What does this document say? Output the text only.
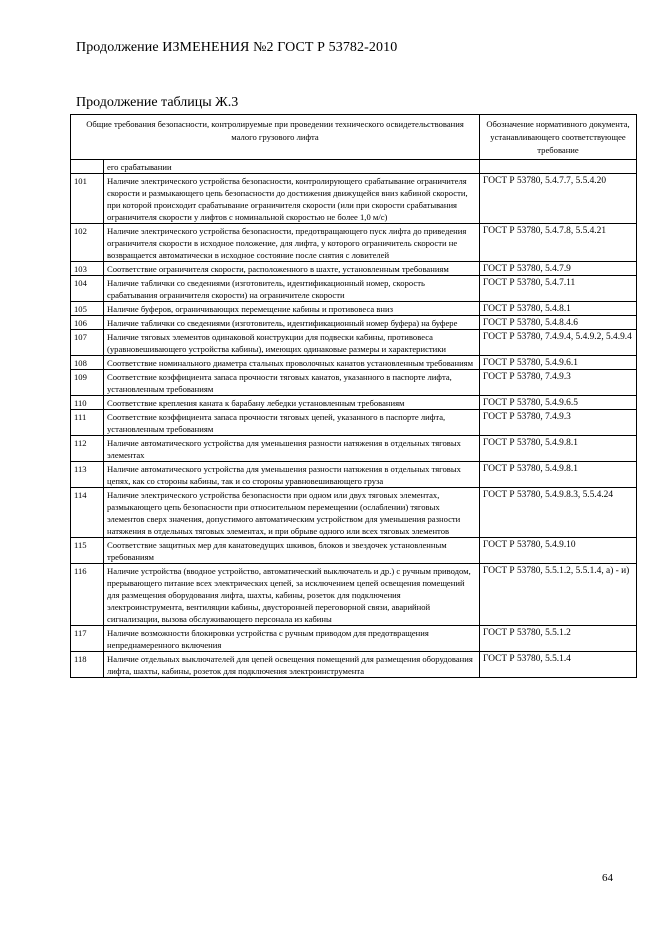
Продолжение ИЗМЕНЕНИЯ №2 ГОСТ Р 53782-2010
Продолжение таблицы Ж.3
Общие требования безопасности, контролируемые при проведении технического освидетельствования малого грузового лифта		Обозначение нормативного документа, устанавливающего соответствующее требование
	его срабатывании	
101	Наличие электрического устройства безопасности, контролирующего срабатывание ограничителя скорости и размыкающего цепь безопасности до достижения движущейся вниз кабиной скорости, при которой происходит срабатывание ограничителя скорости (или при скорости срабатывания ограничителя скорости у лифтов с номинальной скоростью не более 1,0 м/с)	ГОСТ Р 53780, 5.4.7.7, 5.5.4.20
102	Наличие электрического устройства безопасности, предотвращающего пуск лифта до приведения ограничителя скорости в исходное положение, для лифта, у которого ограничитель скорости не возвращается автоматически в исходное состояние после снятия с ловителей	ГОСТ Р 53780, 5.4.7.8, 5.5.4.21
103	Соответствие ограничителя скорости, расположенного в шахте, установленным требованиям	ГОСТ Р 53780, 5.4.7.9
104	Наличие таблички со сведениями (изготовитель, идентификационный номер, скорость срабатывания ограничителя скорости) на ограничителе скорости	ГОСТ Р 53780, 5.4.7.11
105	Наличие буферов, ограничивающих перемещение кабины и противовеса вниз	ГОСТ Р 53780, 5.4.8.1
106	Наличие таблички со сведениями (изготовитель, идентификационный номер буфера) на буфере	ГОСТ Р 53780, 5.4.8.4.6
107	Наличие тяговых элементов одинаковой конструкции для подвески кабины, противовеса (уравновешивающего устройства кабины), имеющих одинаковые размеры и характеристики	ГОСТ Р 53780, 7.4.9.4, 5.4.9.2, 5.4.9.4
108	Соответствие номинального диаметра стальных проволочных канатов установленным требованиям	ГОСТ Р 53780, 5.4.9.6.1
109	Соответствие коэффициента запаса прочности тяговых канатов, указанного в паспорте лифта, установленным требованиям	ГОСТ Р 53780, 7.4.9.3
110	Соответствие крепления каната к барабану лебедки установленным требованиям	ГОСТ Р 53780, 5.4.9.6.5
111	Соответствие коэффициента запаса прочности тяговых цепей, указанного в паспорте лифта, установленным требованиям	ГОСТ Р 53780, 7.4.9.3
112	Наличие автоматического устройства для уменьшения разности натяжения в отдельных тяговых элементах	ГОСТ Р 53780, 5.4.9.8.1
113	Наличие автоматического устройства для уменьшения разности натяжения в отдельных тяговых цепях, как со стороны кабины, так и со стороны уравновешивающего груза	ГОСТ Р 53780, 5.4.9.8.1
114	Наличие электрического устройства безопасности при одном или двух тяговых элементах, размыкающего цепь безопасности при относительном перемещении (ослаблении) тяговых элементов сверх значения, допустимого автоматическим устройством для уменьшения разности натяжения в отдельных тяговых элементах, и при обрыве одного или всех тяговых элементов	ГОСТ Р 53780, 5.4.9.8.3, 5.5.4.24
115	Соответствие защитных мер для канатоведущих шкивов, блоков и звездочек установленным требованиям	ГОСТ Р 53780, 5.4.9.10
116	Наличие устройства (вводное устройство, автоматический выключатель и др.) с ручным приводом, прерывающего питание всех электрических цепей, за исключением цепей освещения помещений для размещения оборудования лифта, шахты, кабины, розеток для подключения электроинструмента, вентиляции кабины, двусторонней переговорной связи, аварийной сигнализации, вызова обслуживающего персонала из кабины	ГОСТ Р 53780, 5.5.1.2, 5.5.1.4, а) - и)
117	Наличие возможности блокировки устройства с ручным приводом для предотвращения непреднамеренного включения	ГОСТ Р 53780, 5.5.1.2
118	Наличие отдельных выключателей для цепей освещения помещений для размещения оборудования лифта, шахты, кабины, розеток для подключения электроинструмента	ГОСТ Р 53780, 5.5.1.4
64
